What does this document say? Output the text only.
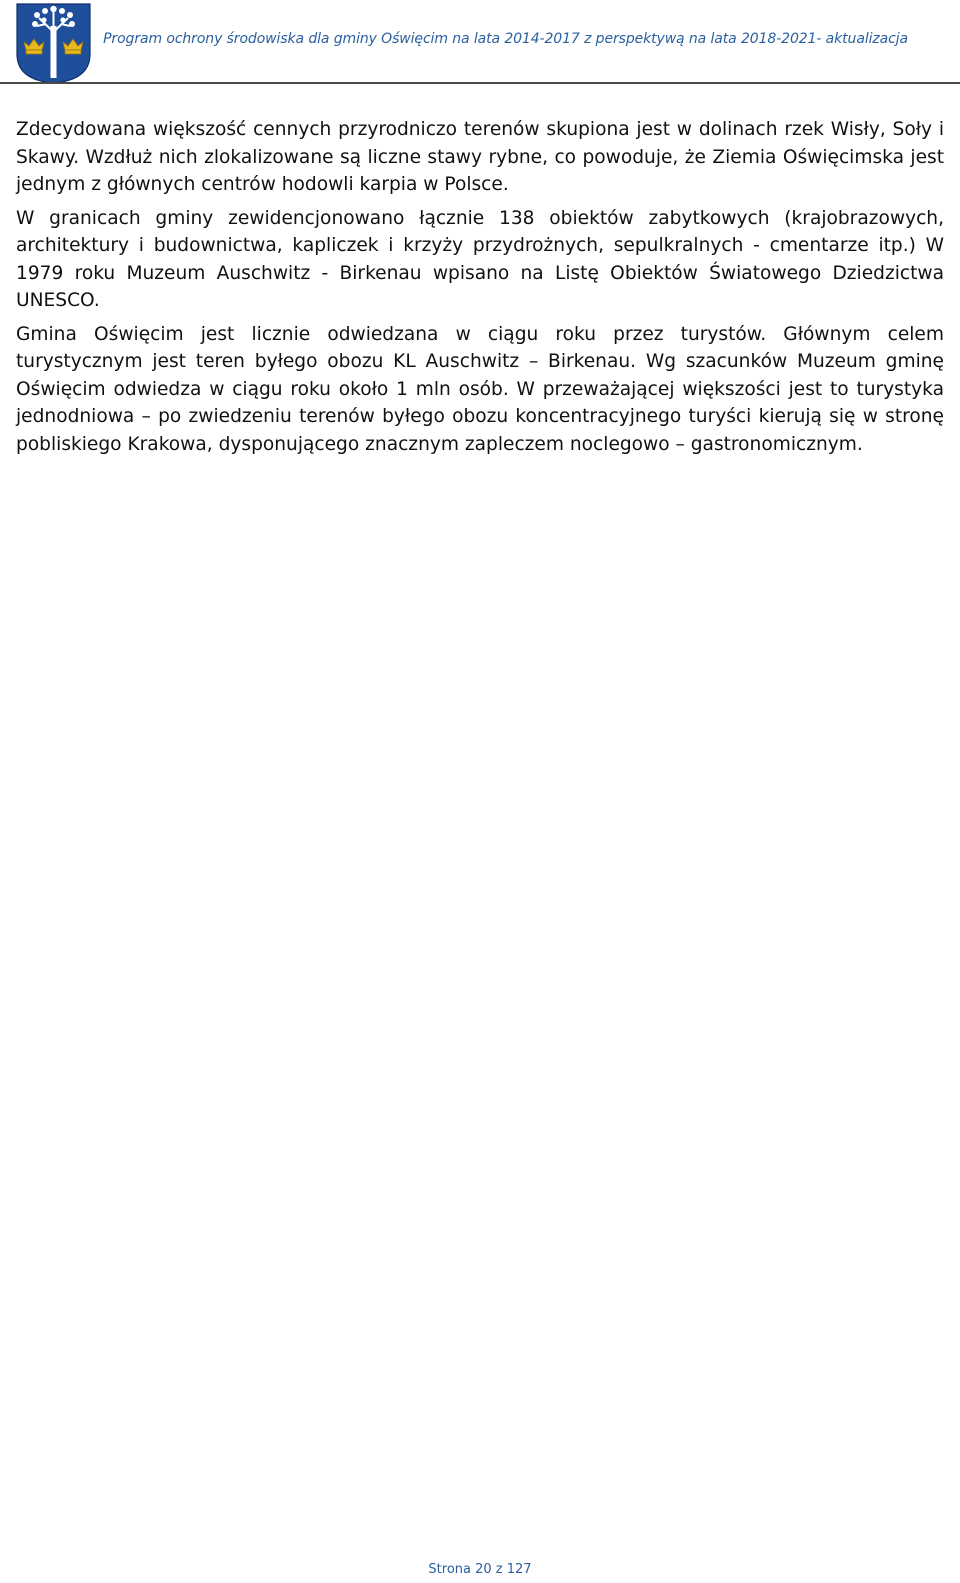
Program ochrony środowiska dla gminy Oświęcim na lata 2014-2017 z perspektywą na lata 2018-2021- aktualizacja

Zdecydowana większość cennych przyrodniczo terenów skupiona jest w dolinach rzek Wisły, Soły i Skawy. Wzdłuż nich zlokalizowane są liczne stawy rybne, co powoduje, że Ziemia Oświęcimska jest jednym z głównych centrów hodowli karpia w Polsce.

W granicach gminy zewidencjonowano łącznie 138 obiektów zabytkowych (krajobrazowych, architektury i budownictwa, kapliczek i krzyży przydrożnych, sepulkralnych - cmentarze itp.) W 1979 roku Muzeum Auschwitz - Birkenau wpisano na Listę Obiektów Światowego Dziedzictwa UNESCO.

Gmina Oświęcim jest licznie odwiedzana w ciągu roku przez turystów. Głównym celem turystycznym jest teren byłego obozu KL Auschwitz – Birkenau. Wg szacunków Muzeum gminę Oświęcim odwiedza w ciągu roku około 1 mln osób. W przeważającej większości jest to turystyka jednodniowa – po zwiedzeniu terenów byłego obozu koncentracyjnego turyści kierują się w stronę pobliskiego Krakowa, dysponującego znacznym zapleczem noclegowo – gastronomicznym.

Strona 20 z 127
